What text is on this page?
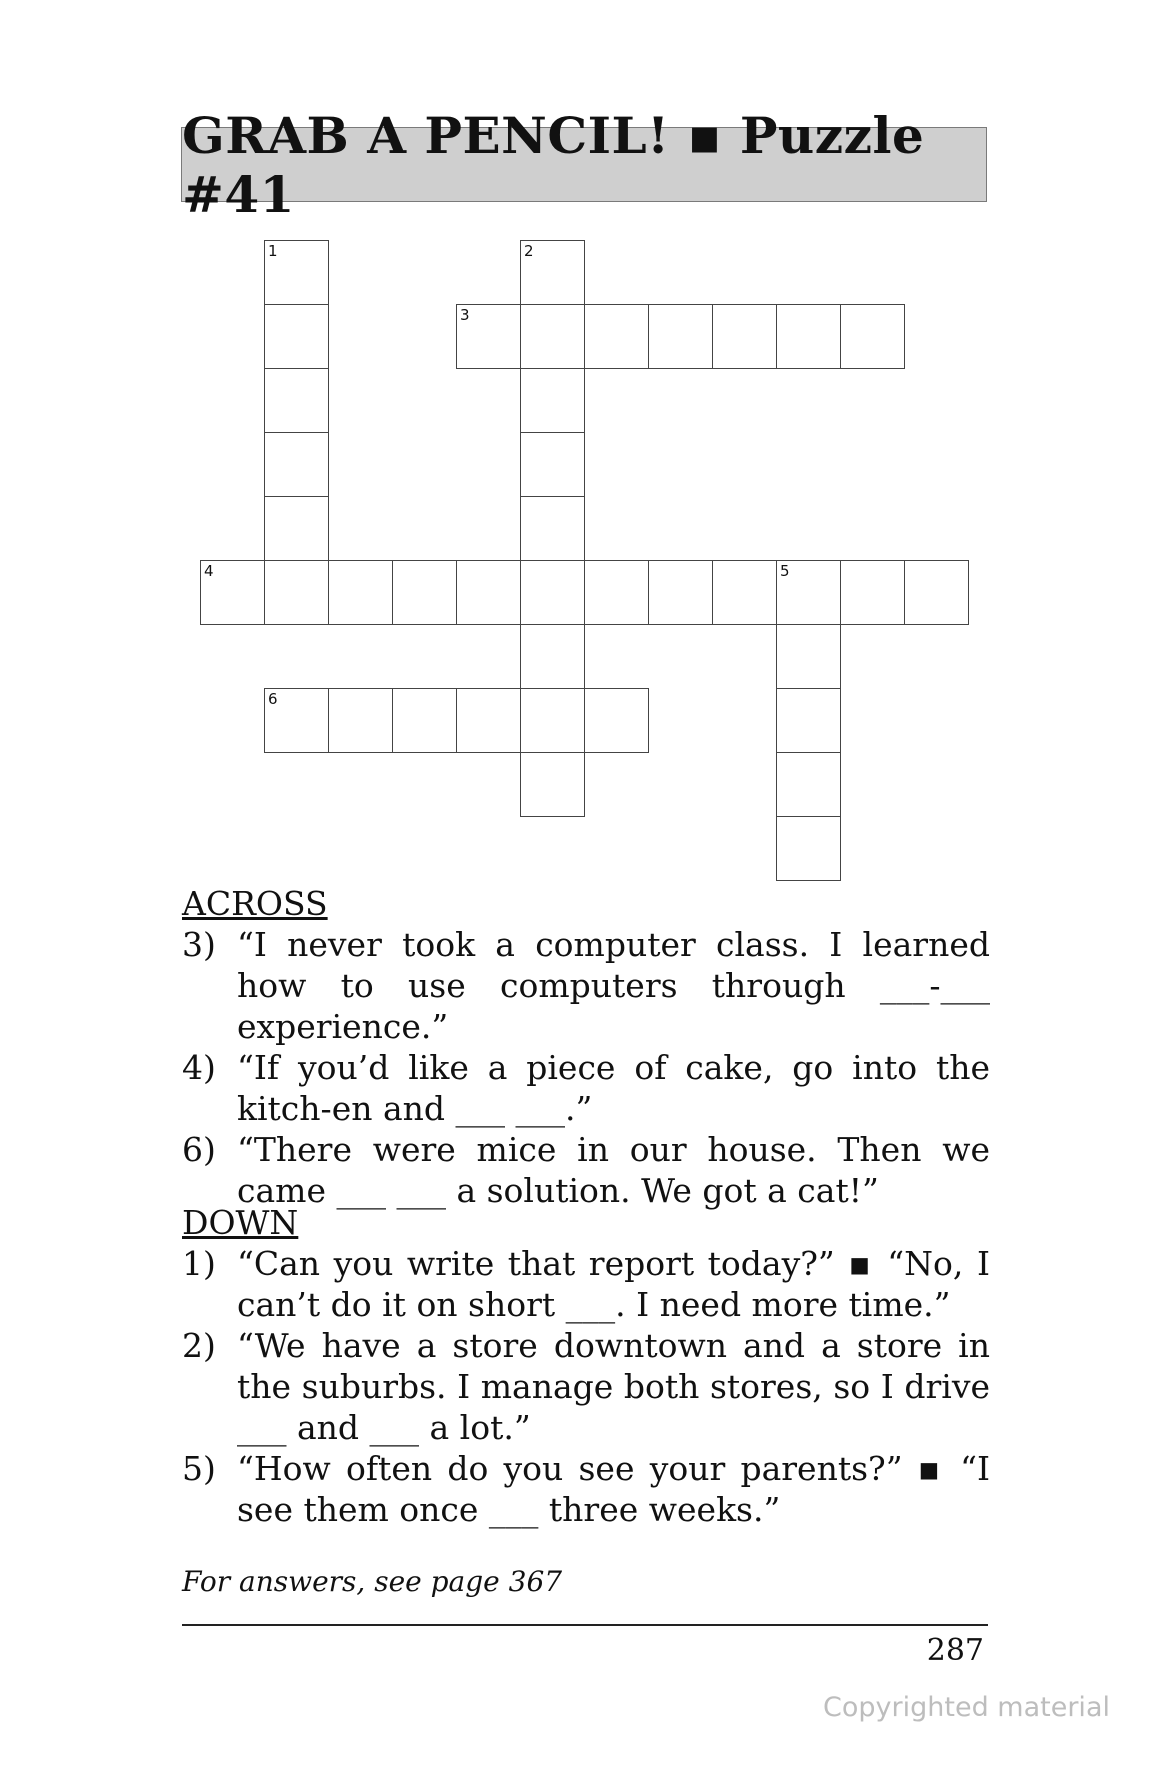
GRAB A PENCIL! ▪ Puzzle #41
1	2
3
4	5
6

ACROSS

3) “I never took a computer class. I learned how to use computers through ___-___ experience.”
4) “If you’d like a piece of cake, go into the kitch-en and ___ ___.”
6) “There were mice in our house. Then we came ___ ___ a solution. We got a cat!”

DOWN

1) “Can you write that report today?” ▪ “No, I can’t do it on short ___. I need more time.”
2) “We have a store downtown and a store in the suburbs. I manage both stores, so I drive ___ and ___ a lot.”
5) “How often do you see your parents?” ▪ “I see them once ___ three weeks.”
For answers, see page 367
287
Copyrighted material
